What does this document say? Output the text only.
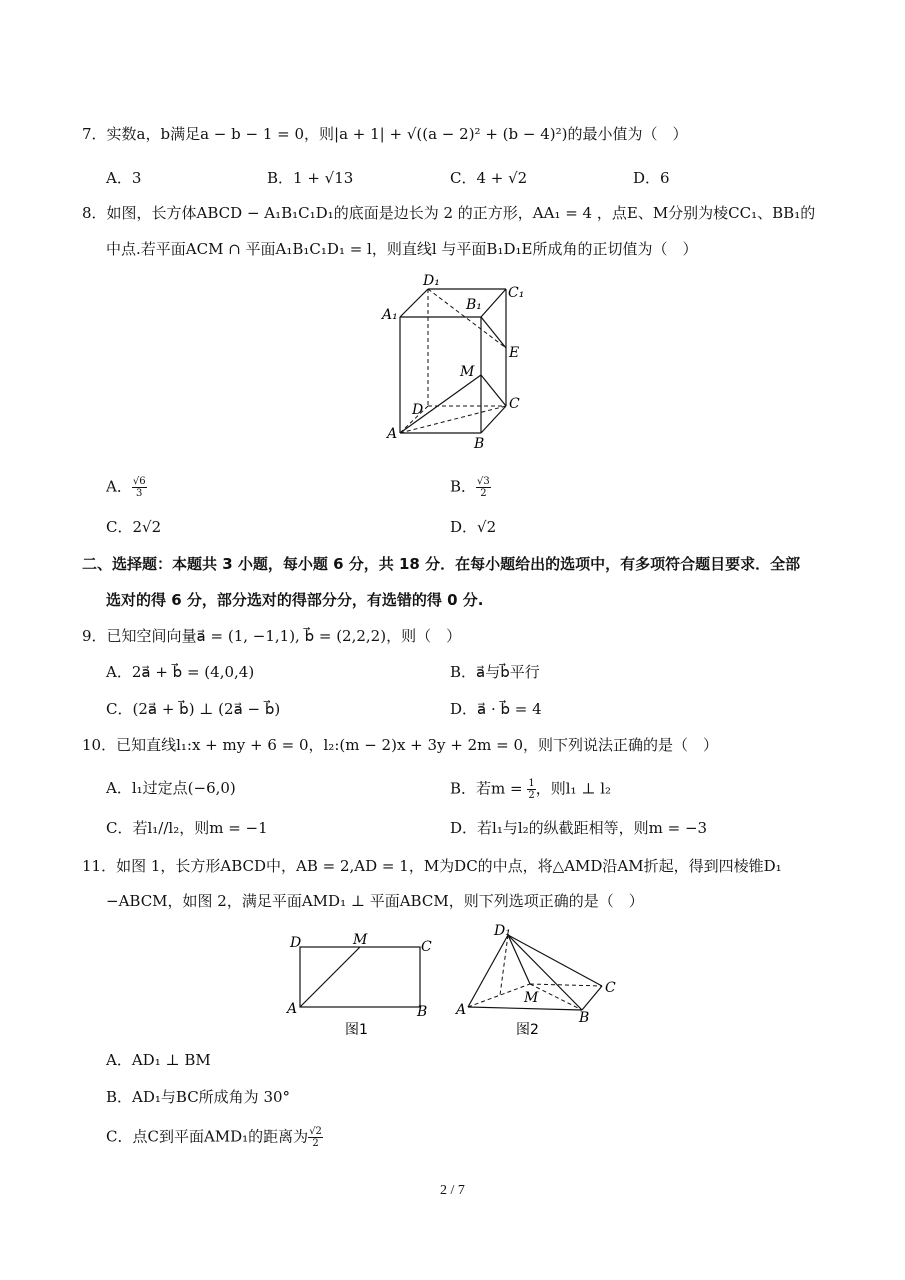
7．实数a，b满足a − b − 1 = 0，则|a + 1| + √((a − 2)² + (b − 4)²)的最小值为（　）
A．3	B．1 + √13	C．4 + √2	D．6
8．如图，长方体ABCD − A₁B₁C₁D₁的底面是边长为 2 的正方形，AA₁ = 4 ，点E、M分别为棱CC₁、BB₁的
中点.若平面ACM ∩ 平面A₁B₁C₁D₁ = l，则直线l 与平面B₁D₁E所成角的正切值为（　）
D₁
C₁
A₁
B₁
E
M
D	C
A
B
A． $\frac{√6}{3}$	B． $\frac{√3}{2}$
C．2√2	D．√2
二、选择题：本题共 3 小题，每小题 6 分，共 18 分．在每小题给出的选项中，有多项符合题目要求．全部
选对的得 6 分，部分选对的得部分分，有选错的得 0 分.
9．已知空间向量a⃗ = (1, −1,1), b⃗ = (2,2,2)，则（　）
A．2a⃗ + b⃗ = (4,0,4)	B．a⃗与b⃗平行
C．(2a⃗ + b⃗) ⊥ (2a⃗ − b⃗)	D．a⃗ · b⃗ = 4
10．已知直线l₁:x + my + 6 = 0，l₂:(m − 2)x + 3y + 2m = 0，则下列说法正确的是（　）
A．l₁过定点(−6,0)	B．若$m = \frac{1}{2}$ ，则l₁ ⊥ l₂
C．若l₁//l₂，则m = −1	D．若l₁与l₂的纵截距相等，则m = −3
11．如图 1，长方形ABCD中，AB = 2,AD = 1，M为DC的中点，将△AMD沿AM折起，得到四棱锥D₁
−ABCM，如图 2，满足平面AMD₁ ⊥ 平面ABCM，则下列选项正确的是（　）
D	M	C
A	B
图1
D₁
M
C
A	B
图2
A．AD₁ ⊥ BM
B．AD₁与BC所成角为 30°
C．点C到平面AMD₁的距离为 $\frac{√2}{2}$
2 / 7
